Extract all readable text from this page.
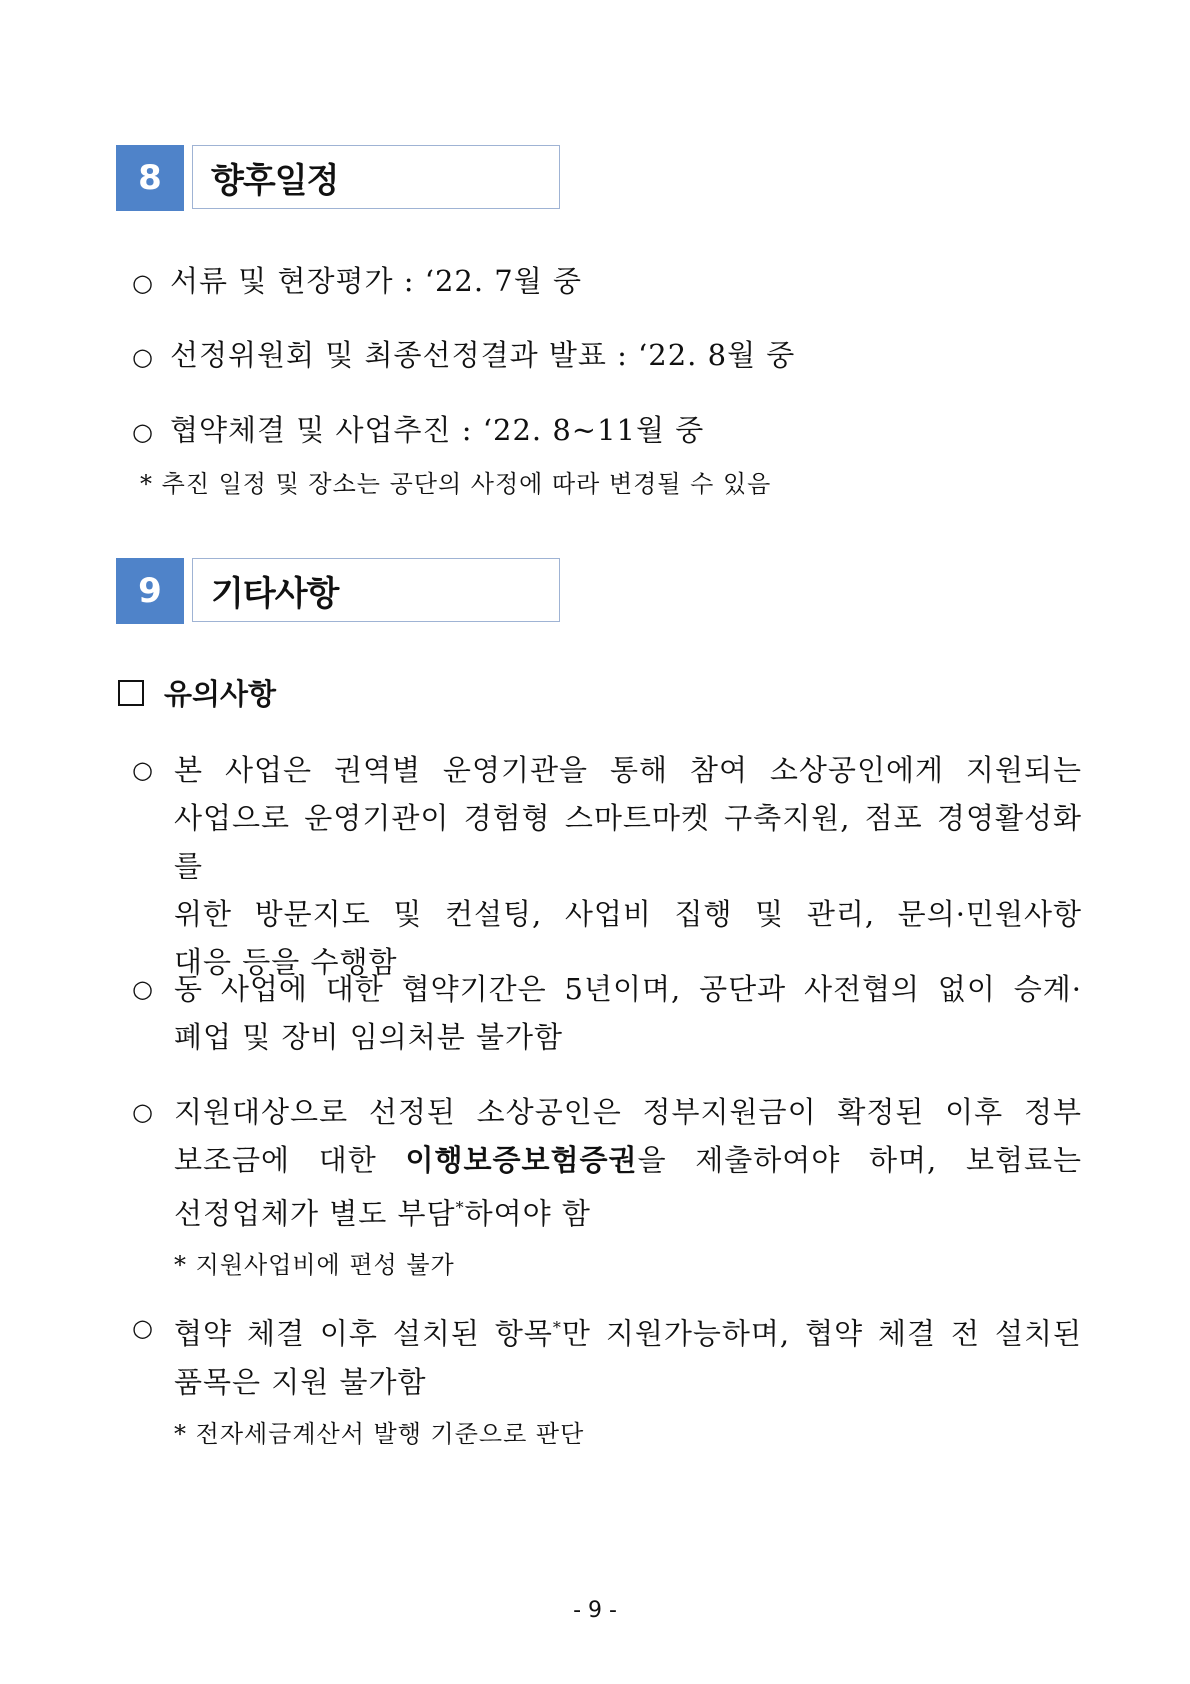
8	향후일정
○ 서류 및 현장평가 : ‘22. 7월 중
○ 선정위원회 및 최종선정결과 발표 : ‘22. 8월 중
○ 협약체결 및 사업추진 : ‘22. 8~11월 중
* 추진 일정 및 장소는 공단의 사정에 따라 변경될 수 있음
9	기타사항
유의사항
○ 본 사업은 권역별 운영기관을 통해 참여 소상공인에게 지원되는
사업으로 운영기관이 경험형 스마트마켓 구축지원, 점포 경영활성화를
위한 방문지도 및 컨설팅, 사업비 집행 및 관리, 문의·민원사항
대응 등을 수행함
○ 동 사업에 대한 협약기간은 5년이며, 공단과 사전협의 없이 승계·
폐업 및 장비 임의처분 불가함
○ 지원대상으로 선정된 소상공인은 정부지원금이 확정된 이후 정부
보조금에 대한 이행보증보험증권을 제출하여야 하며, 보험료는
선정업체가 별도 부담*하여야 함
* 지원사업비에 편성 불가
○ 협약 체결 이후 설치된 항목*만 지원가능하며, 협약 체결 전 설치된
품목은 지원 불가함
* 전자세금계산서 발행 기준으로 판단
- 9 -
